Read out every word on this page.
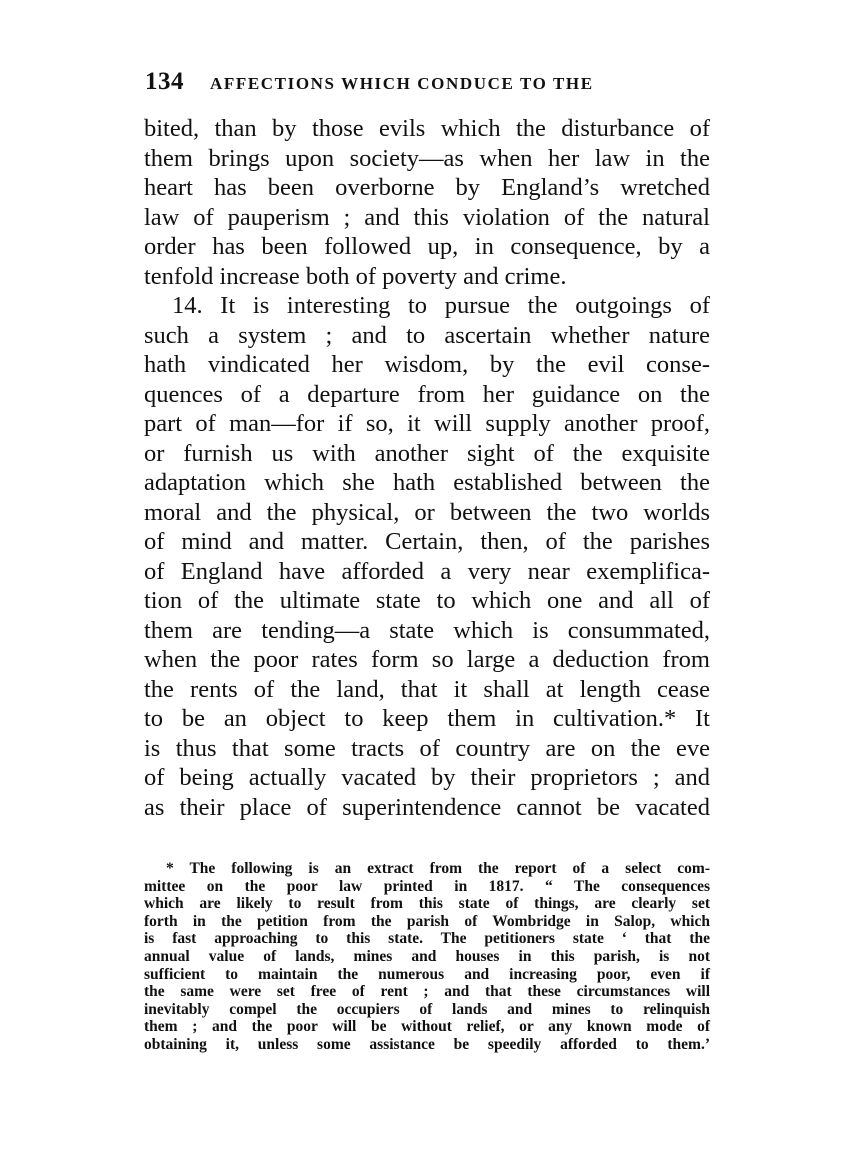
134 AFFECTIONS WHICH CONDUCE TO THE
bited, than by those evils which the disturbance of
them brings upon society—as when her law in the
heart has been overborne by England’s wretched
law of pauperism ; and this violation of the natural
order has been followed up, in consequence, by a
tenfold increase both of poverty and crime.
14. It is interesting to pursue the outgoings of
such a system ; and to ascertain whether nature
hath vindicated her wisdom, by the evil conse-
quences of a departure from her guidance on the
part of man—for if so, it will supply another proof,
or furnish us with another sight of the exquisite
adaptation which she hath established between the
moral and the physical, or between the two worlds
of mind and matter. Certain, then, of the parishes
of England have afforded a very near exemplifica-
tion of the ultimate state to which one and all of
them are tending—a state which is consummated,
when the poor rates form so large a deduction from
the rents of the land, that it shall at length cease
to be an object to keep them in cultivation.* It
is thus that some tracts of country are on the eve
of being actually vacated by their proprietors ; and
as their place of superintendence cannot be vacated
* The following is an extract from the report of a select com-
mittee on the poor law printed in 1817. “ The consequences
which are likely to result from this state of things, are clearly set
forth in the petition from the parish of Wombridge in Salop, which
is fast approaching to this state. The petitioners state ‘ that the
annual value of lands, mines and houses in this parish, is not
sufficient to maintain the numerous and increasing poor, even if
the same were set free of rent ; and that these circumstances will
inevitably compel the occupiers of lands and mines to relinquish
them ; and the poor will be without relief, or any known mode of
obtaining it, unless some assistance be speedily afforded to them.’
